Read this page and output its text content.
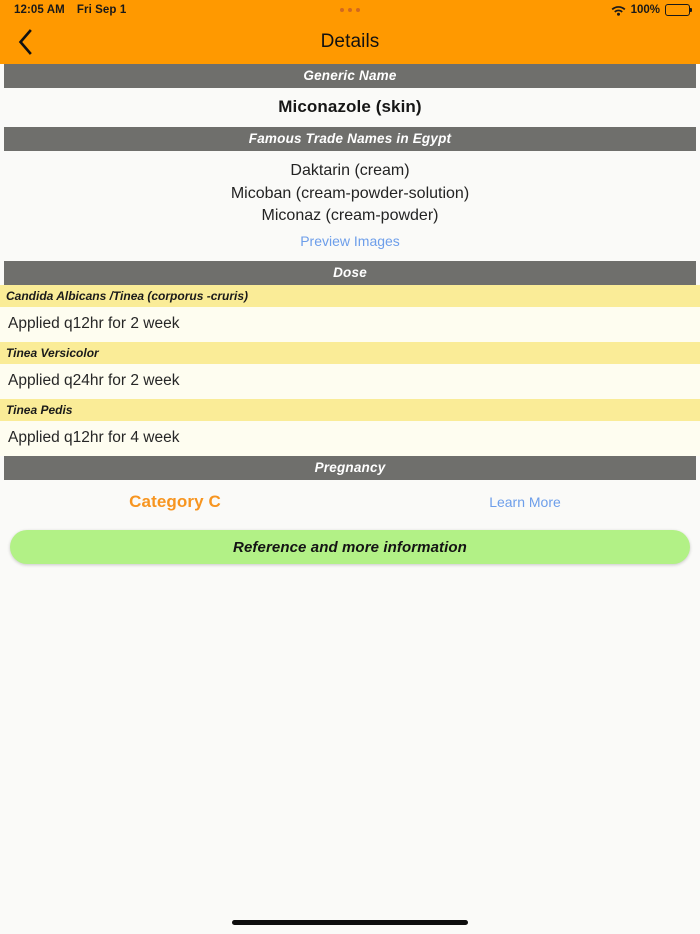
12:05 AM Fri Sep 1	100%
Details
Generic Name
Miconazole (skin)
Famous Trade Names in Egypt
Daktarin (cream)
Micoban (cream-powder-solution)
Miconaz (cream-powder)
Preview Images
Dose
Candida Albicans /Tinea (corporus -cruris)
Applied q12hr for 2 week
Tinea Versicolor
Applied q24hr for 2 week
Tinea Pedis
Applied q12hr for 4 week
Pregnancy
Category C	Learn More
Reference and more information
